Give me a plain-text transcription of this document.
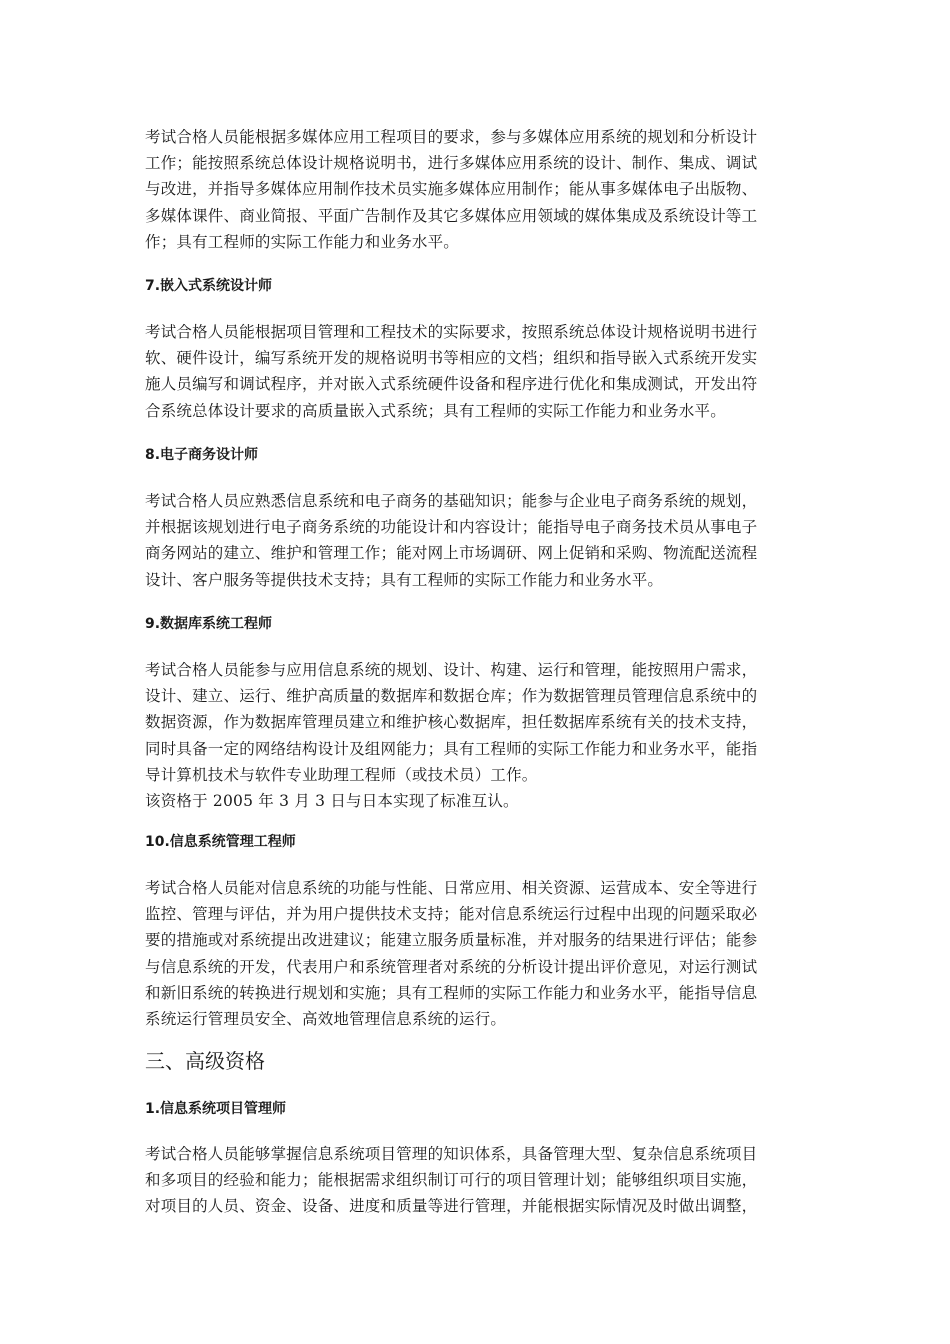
考试合格人员能根据多媒体应用工程项目的要求，参与多媒体应用系统的规划和分析设计
工作；能按照系统总体设计规格说明书，进行多媒体应用系统的设计、制作、集成、调试
与改进，并指导多媒体应用制作技术员实施多媒体应用制作；能从事多媒体电子出版物、
多媒体课件、商业简报、平面广告制作及其它多媒体应用领域的媒体集成及系统设计等工
作；具有工程师的实际工作能力和业务水平。

7.嵌入式系统设计师

考试合格人员能根据项目管理和工程技术的实际要求，按照系统总体设计规格说明书进行
软、硬件设计，编写系统开发的规格说明书等相应的文档；组织和指导嵌入式系统开发实
施人员编写和调试程序，并对嵌入式系统硬件设备和程序进行优化和集成测试，开发出符
合系统总体设计要求的高质量嵌入式系统；具有工程师的实际工作能力和业务水平。

8.电子商务设计师

考试合格人员应熟悉信息系统和电子商务的基础知识；能参与企业电子商务系统的规划，
并根据该规划进行电子商务系统的功能设计和内容设计；能指导电子商务技术员从事电子
商务网站的建立、维护和管理工作；能对网上市场调研、网上促销和采购、物流配送流程
设计、客户服务等提供技术支持；具有工程师的实际工作能力和业务水平。

9.数据库系统工程师

考试合格人员能参与应用信息系统的规划、设计、构建、运行和管理，能按照用户需求，
设计、建立、运行、维护高质量的数据库和数据仓库；作为数据管理员管理信息系统中的
数据资源，作为数据库管理员建立和维护核心数据库，担任数据库系统有关的技术支持，
同时具备一定的网络结构设计及组网能力；具有工程师的实际工作能力和业务水平，能指
导计算机技术与软件专业助理工程师（或技术员）工作。
该资格于 2005 年 3 月 3 日与日本实现了标准互认。

10.信息系统管理工程师

考试合格人员能对信息系统的功能与性能、日常应用、相关资源、运营成本、安全等进行
监控、管理与评估，并为用户提供技术支持；能对信息系统运行过程中出现的问题采取必
要的措施或对系统提出改进建议；能建立服务质量标准，并对服务的结果进行评估；能参
与信息系统的开发，代表用户和系统管理者对系统的分析设计提出评价意见，对运行测试
和新旧系统的转换进行规划和实施；具有工程师的实际工作能力和业务水平，能指导信息
系统运行管理员安全、高效地管理信息系统的运行。

三、高级资格

1.信息系统项目管理师

考试合格人员能够掌握信息系统项目管理的知识体系，具备管理大型、复杂信息系统项目
和多项目的经验和能力；能根据需求组织制订可行的项目管理计划；能够组织项目实施，
对项目的人员、资金、设备、进度和质量等进行管理，并能根据实际情况及时做出调整，
